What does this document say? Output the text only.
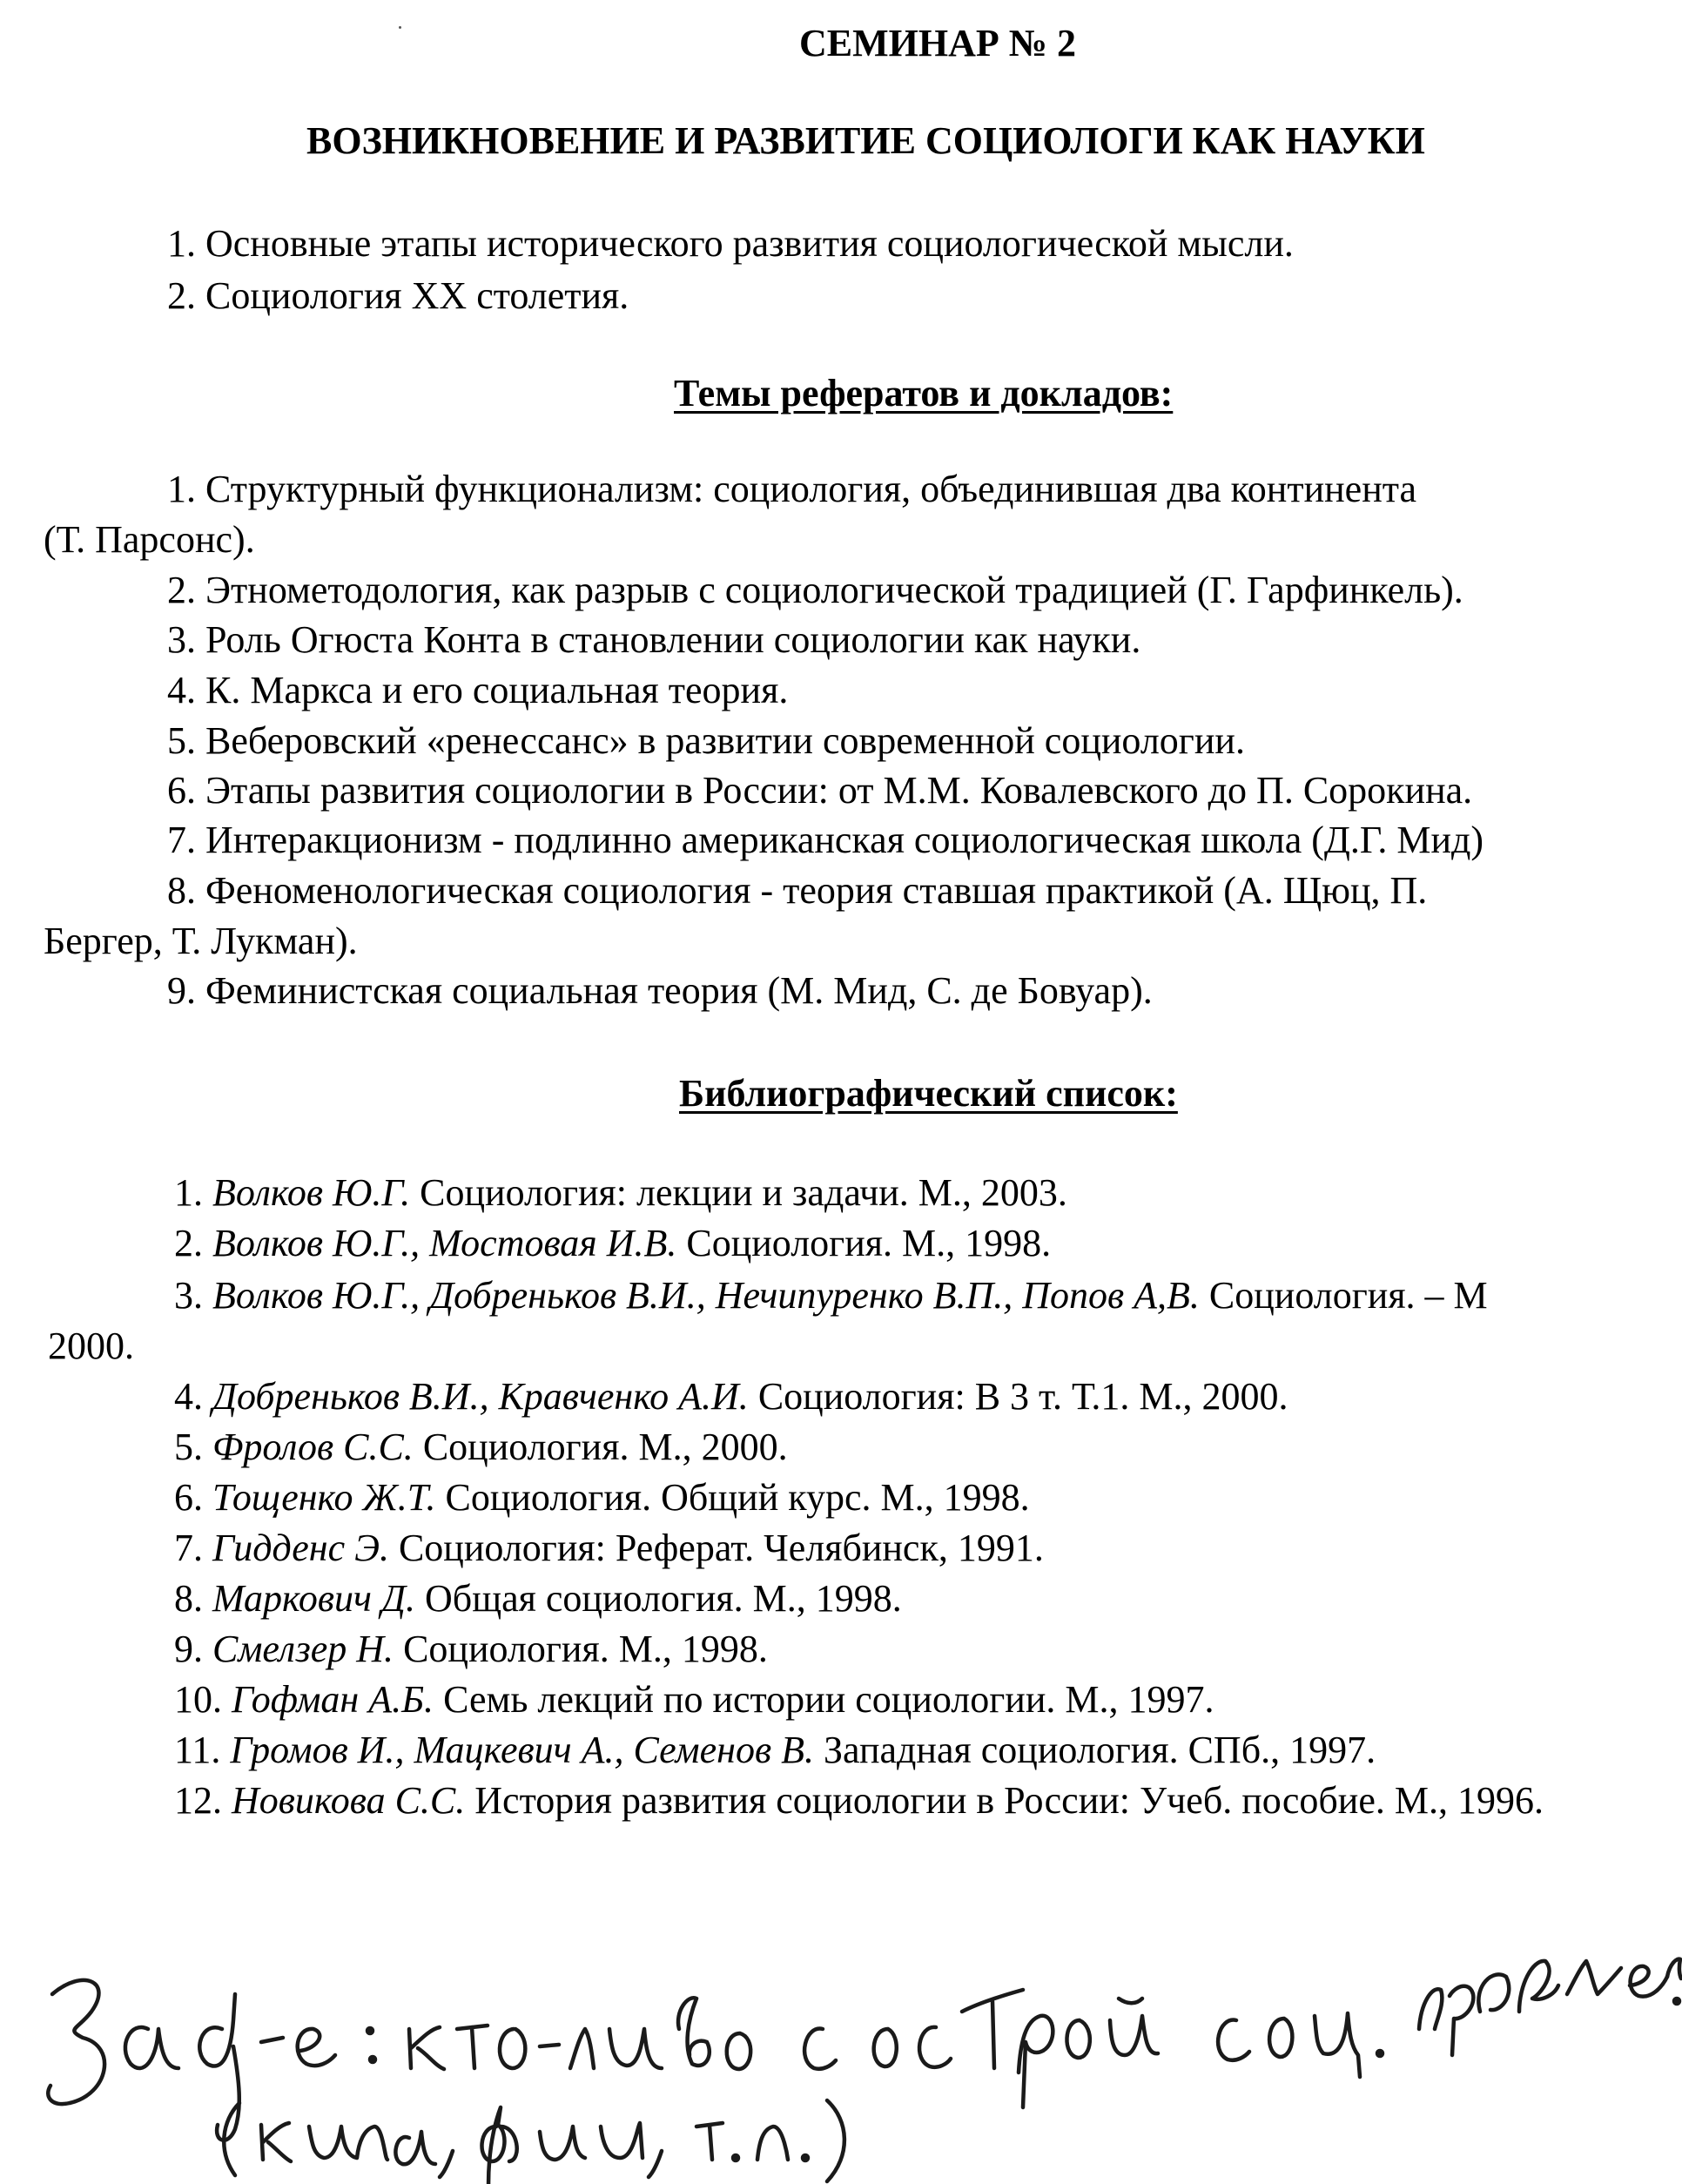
СЕМИНАР № 2
ВОЗНИКНОВЕНИЕ И РАЗВИТИЕ СОЦИОЛОГИ КАК НАУКИ
1. Основные этапы исторического развития социологической мысли.
2. Социология XX столетия.
Темы рефератов и докладов:
1. Структурный функционализм: социология, объединившая два континента
(Т. Парсонс).
2. Этнометодология, как разрыв с социологической традицией (Г. Гарфинкель).
3. Роль Огюста Конта в становлении социологии как науки.
4. К. Маркса и его социальная теория.
5. Веберовский «ренессанс» в развитии современной социологии.
6. Этапы развития социологии в России: от М.М. Ковалевского до П. Сорокина.
7. Интеракционизм - подлинно американская социологическая школа (Д.Г. Мид)
8. Феноменологическая социология - теория ставшая практикой (А. Щюц, П.
Бергер, Т. Лукман).
9. Феминистская социальная теория (М. Мид, С. де Бовуар).
Библиографический список:
1. Волков Ю.Г. Социология: лекции и задачи. М., 2003.
2. Волков Ю.Г., Мостовая И.В. Социология. М., 1998.
3. Волков Ю.Г., Добреньков В.И., Нечипуренко В.П., Попов А,В. Социология. – М
2000.
4. Добреньков В.И., Кравченко А.И. Социология: В 3 т. Т.1. М., 2000.
5. Фролов С.С. Социология. М., 2000.
6. Тощенко Ж.Т. Социология. Общий курс. М., 1998.
7. Гидденс Э. Социология: Реферат. Челябинск, 1991.
8. Маркович Д. Общая социология. М., 1998.
9. Смелзер Н. Социология. М., 1998.
10. Гофман А.Б. Семь лекций по истории социологии. М., 1997.
11. Громов И., Мацкевич А., Семенов В. Западная социология. СПб., 1997.
12. Новикова С.С. История развития социологии в России: Учеб. пособие. М., 1996.
